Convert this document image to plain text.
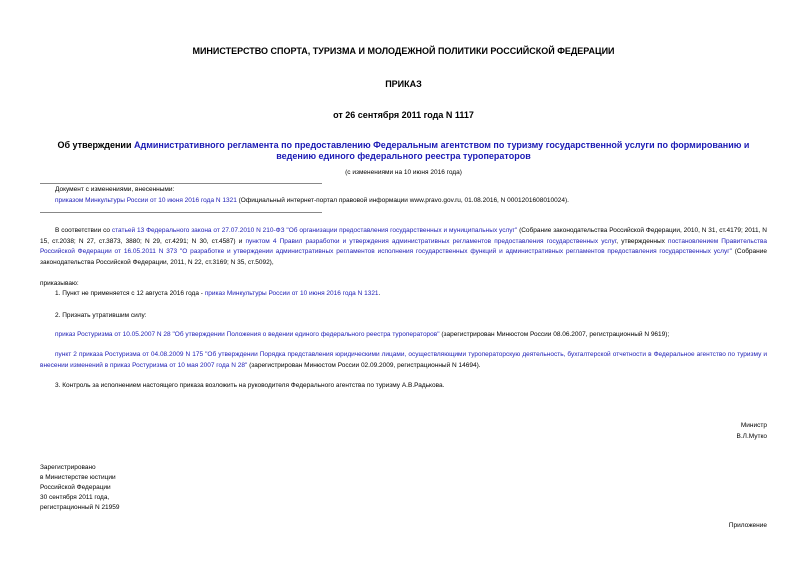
МИНИСТЕРСТВО СПОРТА, ТУРИЗМА И МОЛОДЕЖНОЙ ПОЛИТИКИ РОССИЙСКОЙ ФЕДЕРАЦИИ
ПРИКАЗ
от 26 сентября 2011 года N 1117
Об утверждении Административного регламента по предоставлению Федеральным агентством по туризму государственной услуги по формированию и ведению единого федерального реестра туроператоров
(с изменениями на 10 июня 2016 года)
Документ с изменениями, внесенными:
приказом Минкультуры России от 10 июня 2016 года N 1321 (Официальный интернет-портал правовой информации www.pravo.gov.ru, 01.08.2016, N 0001201608010024).
В соответствии со статьей 13 Федерального закона от 27.07.2010 N 210-ФЗ "Об организации предоставления государственных и муниципальных услуг" (Собрание законодательства Российской Федерации, 2010, N 31, ст.4179; 2011, N 15, ст.2038; N 27, ст.3873, 3880; N 29, ст.4291; N 30, ст.4587) и пунктом 4 Правил разработки и утверждения административных регламентов предоставления государственных услуг, утвержденных постановлением Правительства Российской Федерации от 16.05.2011 N 373 "О разработке и утверждении административных регламентов исполнения государственных функций и административных регламентов предоставления государственных услуг" (Собрание законодательства Российской Федерации, 2011, N 22, ст.3169; N 35, ст.5092),
приказываю:
1. Пункт не применяется с 12 августа 2016 года - приказ Минкультуры России от 10 июня 2016 года N 1321.
2. Признать утратившим силу:
приказ Ростуризма от 10.05.2007 N 28 "Об утверждении Положения о ведении единого федерального реестра туроператоров" (зарегистрирован Минюстом России 08.06.2007, регистрационный N 9619);
пункт 2 приказа Ростуризма от 04.08.2009 N 175 "Об утверждении Порядка представления юридическими лицами, осуществляющими туроператорскую деятельность, бухгалтерской отчетности в Федеральное агентство по туризму и внесении изменений в приказ Ростуризма от 10 мая 2007 года N 28" (зарегистрирован Минюстом России 02.09.2009, регистрационный N 14694).
3. Контроль за исполнением настоящего приказа возложить на руководителя Федерального агентства по туризму А.В.Радькова.
Министр
В.Л.Мутко
Зарегистрировано
в Министерстве юстиции
Российской Федерации
30 сентября 2011 года,
регистрационный N 21959
Приложение
